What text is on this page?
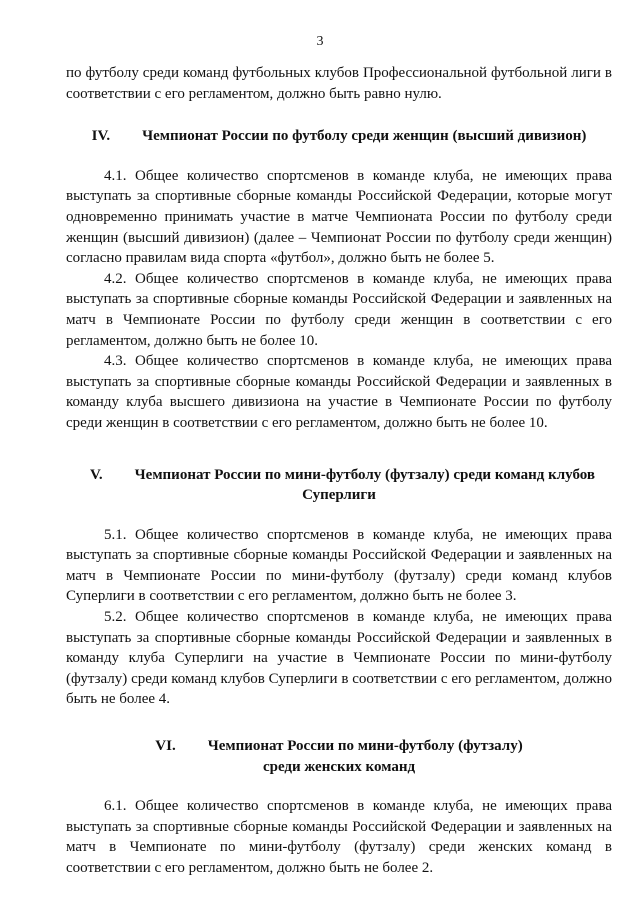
3

по футболу среди команд футбольных клубов Профессиональной футбольной лиги в соответствии с его регламентом, должно быть равно нулю.

IV. Чемпионат России по футболу среди женщин (высший дивизион)

4.1. Общее количество спортсменов в команде клуба, не имеющих права выступать за спортивные сборные команды Российской Федерации, которые могут одновременно принимать участие в матче Чемпионата России по футболу среди женщин (высший дивизион) (далее – Чемпионат России по футболу среди женщин) согласно правилам вида спорта «футбол», должно быть не более 5.

4.2. Общее количество спортсменов в команде клуба, не имеющих права выступать за спортивные сборные команды Российской Федерации и заявленных на матч в Чемпионате России по футболу среди женщин в соответствии с его регламентом, должно быть не более 10.

4.3. Общее количество спортсменов в команде клуба, не имеющих права выступать за спортивные сборные команды Российской Федерации и заявленных в команду клуба высшего дивизиона на участие в Чемпионате России по футболу среди женщин в соответствии с его регламентом, должно быть не более 10.

V. Чемпионат России по мини-футболу (футзалу) среди команд клубов
Суперлиги

5.1. Общее количество спортсменов в команде клуба, не имеющих права выступать за спортивные сборные команды Российской Федерации и заявленных на матч в Чемпионате России по мини-футболу (футзалу) среди команд клубов Суперлиги в соответствии с его регламентом, должно быть не более 3.

5.2. Общее количество спортсменов в команде клуба, не имеющих права выступать за спортивные сборные команды Российской Федерации и заявленных в команду клуба Суперлиги на участие в Чемпионате России по мини-футболу (футзалу) среди команд клубов Суперлиги в соответствии с его регламентом, должно быть не более 4.

VI. Чемпионат России по мини-футболу (футзалу)
среди женских команд

6.1. Общее количество спортсменов в команде клуба, не имеющих права выступать за спортивные сборные команды Российской Федерации и заявленных на матч в Чемпионате по мини-футболу (футзалу) среди женских команд в соответствии с его регламентом, должно быть не более 2.
